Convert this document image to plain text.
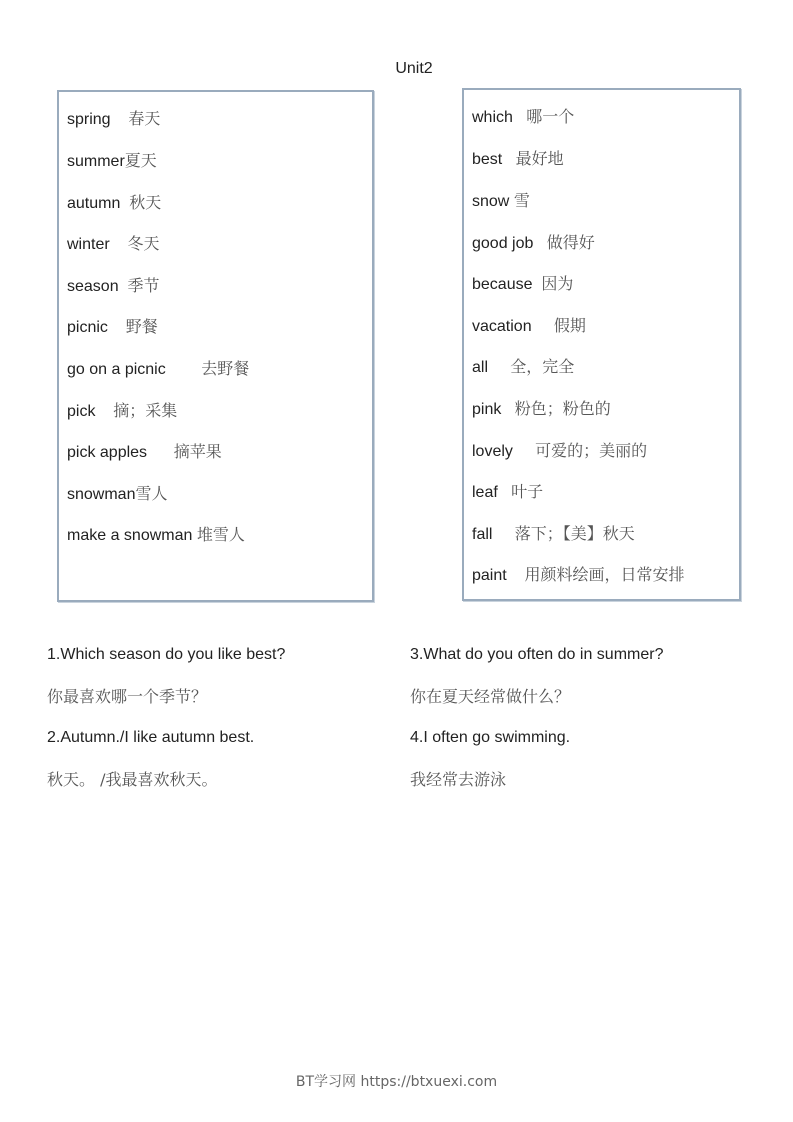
Unit2
spring 春天
summer夏天
autumn 秋天
winter 冬天
season 季节
picnic 野餐
go on a picnic 去野餐
pick 摘；采集
pick apples 摘苹果
snowman雪人
make a snowman 堆雪人
which 哪一个
best 最好地
snow 雪
good job 做得好
because 因为
vacation 假期
all 全，完全
pink 粉色；粉色的
lovely 可爱的；美丽的
leaf 叶子
fall 落下；【美】秋天
paint 用颜料绘画，日常安排
1.Which season do you like best?
你最喜欢哪一个季节？
2.Autumn./I like autumn best.
秋天。 /我最喜欢秋天。
3.What do you often do in summer?
你在夏天经常做什么？
4.I often go swimming.
我经常去游泳
BT学习网 https://btxuexi.com
